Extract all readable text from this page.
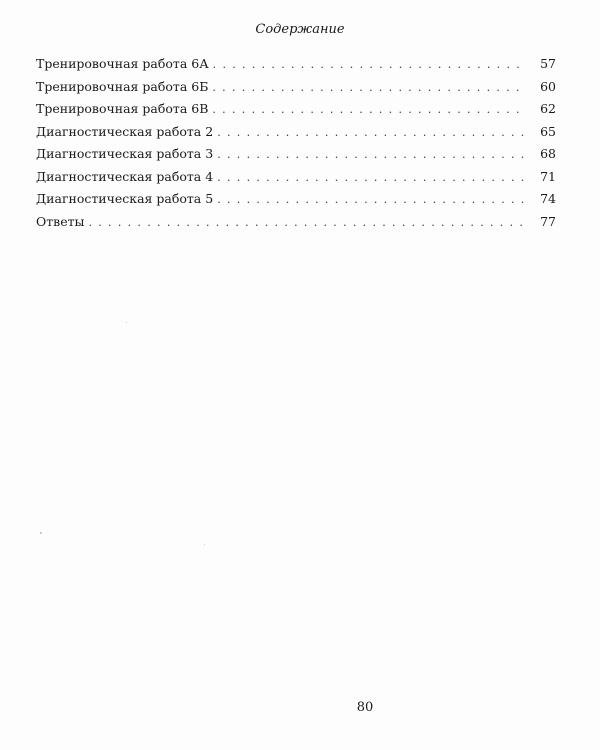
Содержание
Тренировочная работа 6А . . .	57
Тренировочная работа 6Б . . .	60
Тренировочная работа 6В . . .	62
Диагностическая работа 2 . . .	65
Диагностическая работа 3 . . .	68
Диагностическая работа 4 . . .	71
Диагностическая работа 5 . . .	74
Ответы . . .	77
80
